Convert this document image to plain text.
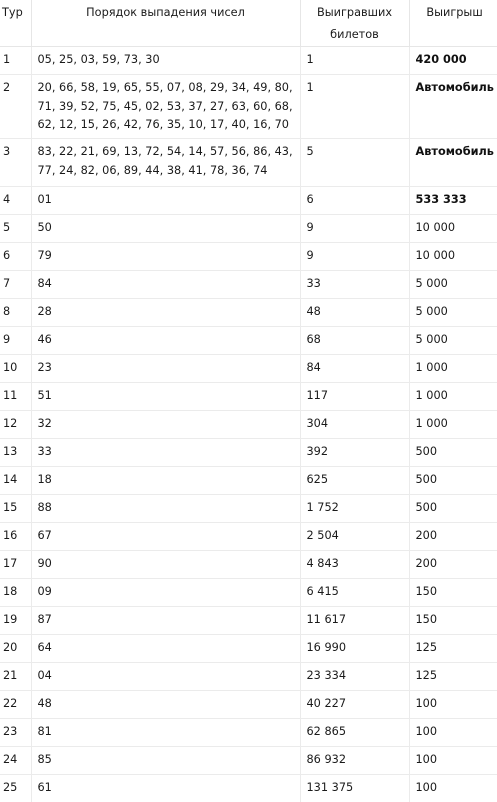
Тур	Порядок выпадения чисел	Выигравших билетов	Выигрыш
1	05, 25, 03, 59, 73, 30	1	420 000
2	20, 66, 58, 19, 65, 55, 07, 08, 29, 34, 49, 80, 71, 39, 52, 75, 45, 02, 53, 37, 27, 63, 60, 68, 62, 12, 15, 26, 42, 76, 35, 10, 17, 40, 16, 70	1	Автомобиль
3	83, 22, 21, 69, 13, 72, 54, 14, 57, 56, 86, 43, 77, 24, 82, 06, 89, 44, 38, 41, 78, 36, 74	5	Автомобиль
4	01	6	533 333
5	50	9	10 000
6	79	9	10 000
7	84	33	5 000
8	28	48	5 000
9	46	68	5 000
10	23	84	1 000
11	51	117	1 000
12	32	304	1 000
13	33	392	500
14	18	625	500
15	88	1 752	500
16	67	2 504	200
17	90	4 843	200
18	09	6 415	150
19	87	11 617	150
20	64	16 990	125
21	04	23 334	125
22	48	40 227	100
23	81	62 865	100
24	85	86 932	100
25	61	131 375	100
